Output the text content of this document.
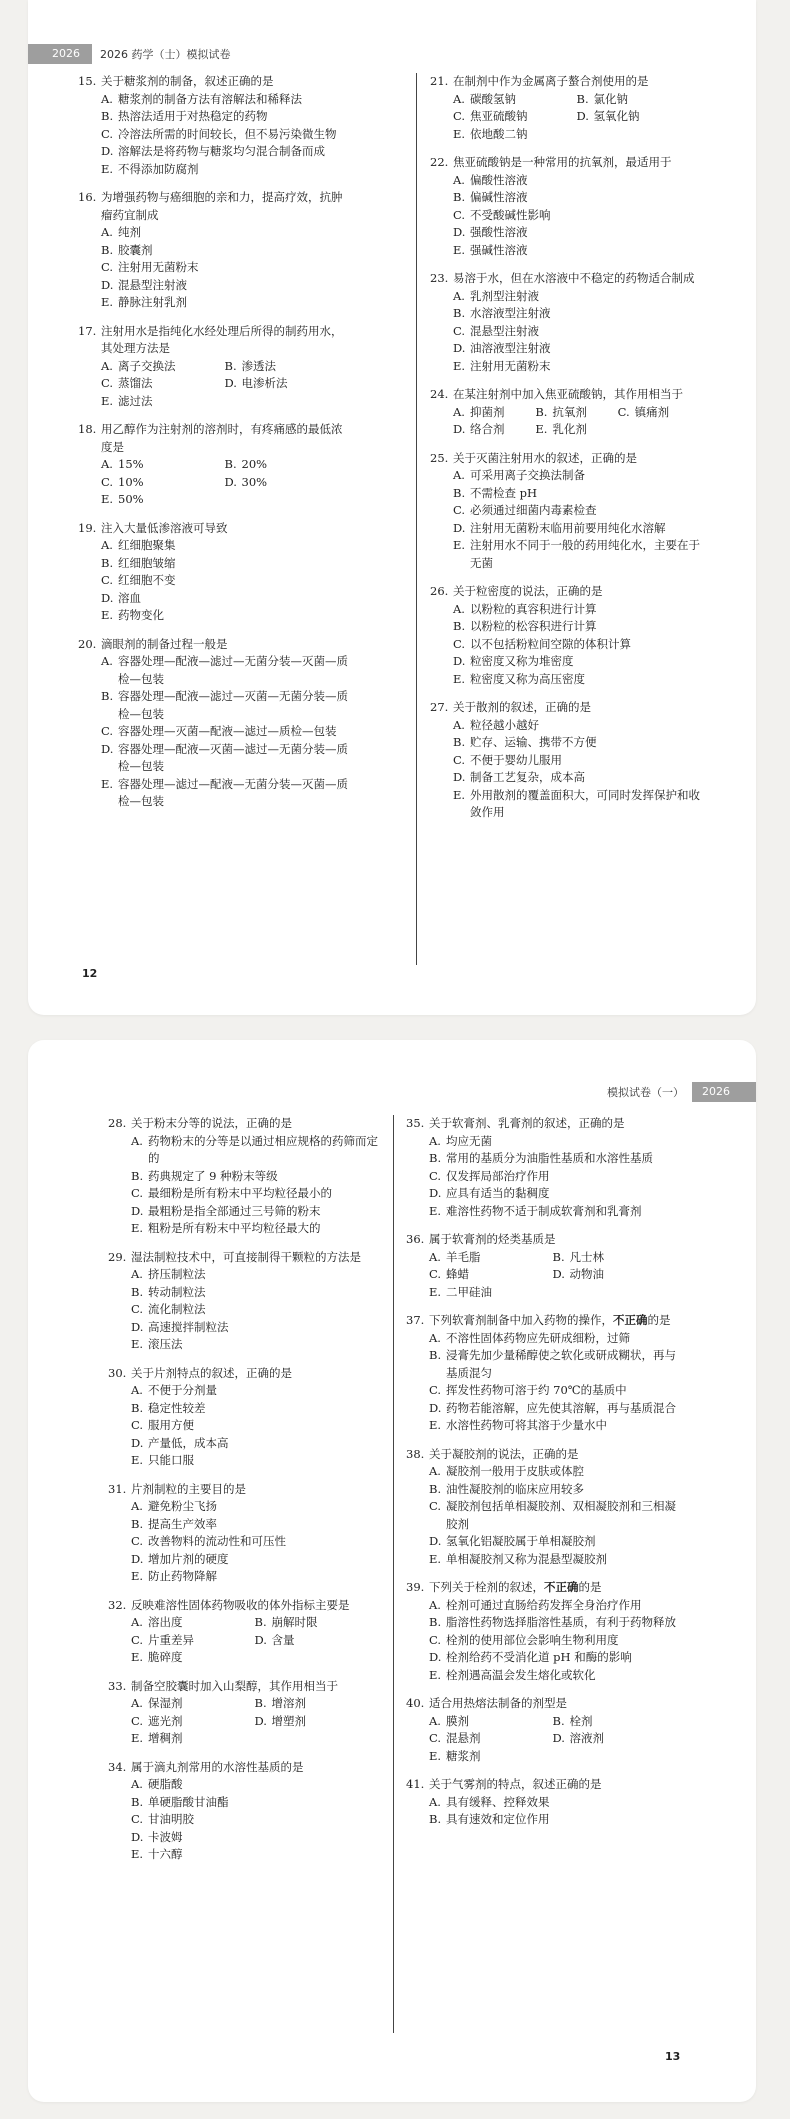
2026	2026 药学（士）模拟试卷
15. 关于糖浆剂的制备，叙述正确的是
A. 糖浆剂的制备方法有溶解法和稀释法
B. 热溶法适用于对热稳定的药物
C. 冷溶法所需的时间较长，但不易污染微生物
D. 溶解法是将药物与糖浆均匀混合制备而成
E. 不得添加防腐剂
16. 为增强药物与癌细胞的亲和力，提高疗效，抗肿瘤药宜制成
A. 纯剂
B. 胶囊剂
C. 注射用无菌粉末
D. 混悬型注射液
E. 静脉注射乳剂
17. 注射用水是指纯化水经处理后所得的制药用水，其处理方法是
A. 离子交换法	B. 渗透法
C. 蒸馏法	D. 电渗析法
E. 滤过法
18. 用乙醇作为注射剂的溶剂时，有疼痛感的最低浓度是
A. 15%	B. 20%
C. 10%	D. 30%
E. 50%
19. 注入大量低渗溶液可导致
A. 红细胞聚集
B. 红细胞皱缩
C. 红细胞不变
D. 溶血
E. 药物变化
20. 滴眼剂的制备过程一般是
A. 容器处理—配液—滤过—无菌分装—灭菌—质检—包装
B. 容器处理—配液—滤过—灭菌—无菌分装—质检—包装
C. 容器处理—灭菌—配液—滤过—质检—包装
D. 容器处理—配液—灭菌—滤过—无菌分装—质检—包装
E. 容器处理—滤过—配液—无菌分装—灭菌—质检—包装
21. 在制剂中作为金属离子螯合剂使用的是
A. 碳酸氢钠	B. 氯化钠
C. 焦亚硫酸钠	D. 氢氧化钠
E. 依地酸二钠
22. 焦亚硫酸钠是一种常用的抗氧剂，最适用于
A. 偏酸性溶液
B. 偏碱性溶液
C. 不受酸碱性影响
D. 强酸性溶液
E. 强碱性溶液
23. 易溶于水，但在水溶液中不稳定的药物适合制成
A. 乳剂型注射液
B. 水溶液型注射液
C. 混悬型注射液
D. 油溶液型注射液
E. 注射用无菌粉末
24. 在某注射剂中加入焦亚硫酸钠，其作用相当于
A. 抑菌剂	B. 抗氧剂	C. 镇痛剂
D. 络合剂	E. 乳化剂
25. 关于灭菌注射用水的叙述，正确的是
A. 可采用离子交换法制备
B. 不需检查 pH
C. 必须通过细菌内毒素检查
D. 注射用无菌粉末临用前要用纯化水溶解
E. 注射用水不同于一般的药用纯化水，主要在于无菌
26. 关于粒密度的说法，正确的是
A. 以粉粒的真容积进行计算
B. 以粉粒的松容积进行计算
C. 以不包括粉粒间空隙的体积计算
D. 粒密度又称为堆密度
E. 粒密度又称为高压密度
27. 关于散剂的叙述，正确的是
A. 粒径越小越好
B. 贮存、运输、携带不方便
C. 不便于婴幼儿服用
D. 制备工艺复杂，成本高
E. 外用散剂的覆盖面积大，可同时发挥保护和收敛作用
12
模拟试卷（一）	2026
28. 关于粉末分等的说法，正确的是
A. 药物粉末的分等是以通过相应规格的药筛而定的
B. 药典规定了 9 种粉末等级
C. 最细粉是所有粉末中平均粒径最小的
D. 最粗粉是指全部通过三号筛的粉末
E. 粗粉是所有粉末中平均粒径最大的
29. 湿法制粒技术中，可直接制得干颗粒的方法是
A. 挤压制粒法
B. 转动制粒法
C. 流化制粒法
D. 高速搅拌制粒法
E. 滚压法
30. 关于片剂特点的叙述，正确的是
A. 不便于分剂量
B. 稳定性较差
C. 服用方便
D. 产量低，成本高
E. 只能口服
31. 片剂制粒的主要目的是
A. 避免粉尘飞扬
B. 提高生产效率
C. 改善物料的流动性和可压性
D. 增加片剂的硬度
E. 防止药物降解
32. 反映难溶性固体药物吸收的体外指标主要是
A. 溶出度	B. 崩解时限
C. 片重差异	D. 含量
E. 脆碎度
33. 制备空胶囊时加入山梨醇，其作用相当于
A. 保湿剂	B. 增溶剂
C. 遮光剂	D. 增塑剂
E. 增稠剂
34. 属于滴丸剂常用的水溶性基质的是
A. 硬脂酸
B. 单硬脂酸甘油酯
C. 甘油明胶
D. 卡波姆
E. 十六醇
35. 关于软膏剂、乳膏剂的叙述，正确的是
A. 均应无菌
B. 常用的基质分为油脂性基质和水溶性基质
C. 仅发挥局部治疗作用
D. 应具有适当的黏稠度
E. 难溶性药物不适于制成软膏剂和乳膏剂
36. 属于软膏剂的烃类基质是
A. 羊毛脂	B. 凡士林
C. 蜂蜡	D. 动物油
E. 二甲硅油
37. 下列软膏剂制备中加入药物的操作，不正确的是
A. 不溶性固体药物应先研成细粉，过筛
B. 浸膏先加少量稀醇使之软化或研成糊状，再与基质混匀
C. 挥发性药物可溶于约 70℃的基质中
D. 药物若能溶解，应先使其溶解，再与基质混合
E. 水溶性药物可将其溶于少量水中
38. 关于凝胶剂的说法，正确的是
A. 凝胶剂一般用于皮肤或体腔
B. 油性凝胶剂的临床应用较多
C. 凝胶剂包括单相凝胶剂、双相凝胶剂和三相凝胶剂
D. 氢氧化铝凝胶属于单相凝胶剂
E. 单相凝胶剂又称为混悬型凝胶剂
39. 下列关于栓剂的叙述，不正确的是
A. 栓剂可通过直肠给药发挥全身治疗作用
B. 脂溶性药物选择脂溶性基质，有利于药物释放
C. 栓剂的使用部位会影响生物利用度
D. 栓剂给药不受消化道 pH 和酶的影响
E. 栓剂遇高温会发生熔化或软化
40. 适合用热熔法制备的剂型是
A. 膜剂	B. 栓剂
C. 混悬剂	D. 溶液剂
E. 糖浆剂
41. 关于气雾剂的特点，叙述正确的是
A. 具有缓释、控释效果
B. 具有速效和定位作用
13
